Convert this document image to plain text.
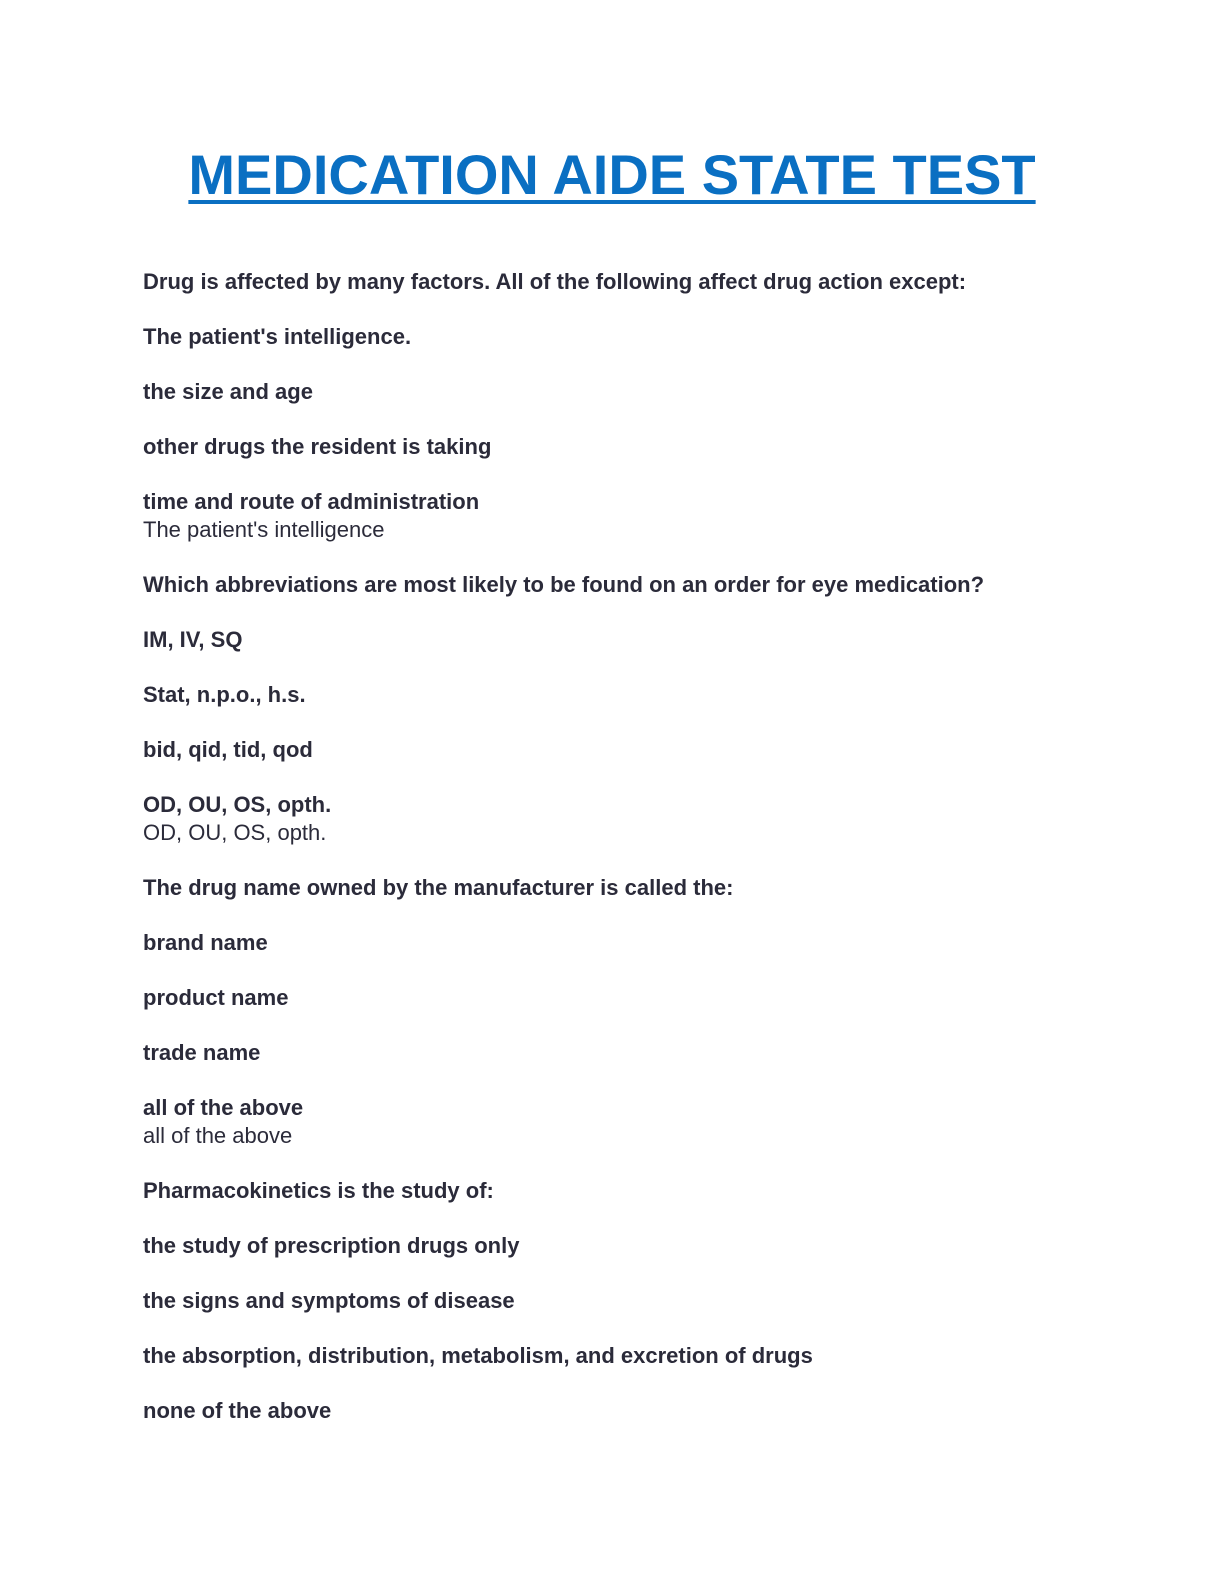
MEDICATION AIDE STATE TEST

Drug is affected by many factors. All of the following affect drug action except:

The patient's intelligence.

the size and age

other drugs the resident is taking

time and route of administration

The patient's intelligence

Which abbreviations are most likely to be found on an order for eye medication?

IM, IV, SQ

Stat, n.p.o., h.s.

bid, qid, tid, qod

OD, OU, OS, opth.

OD, OU, OS, opth.

The drug name owned by the manufacturer is called the:

brand name

product name

trade name

all of the above

all of the above

Pharmacokinetics is the study of:

the study of prescription drugs only

the signs and symptoms of disease

the absorption, distribution, metabolism, and excretion of drugs

none of the above
